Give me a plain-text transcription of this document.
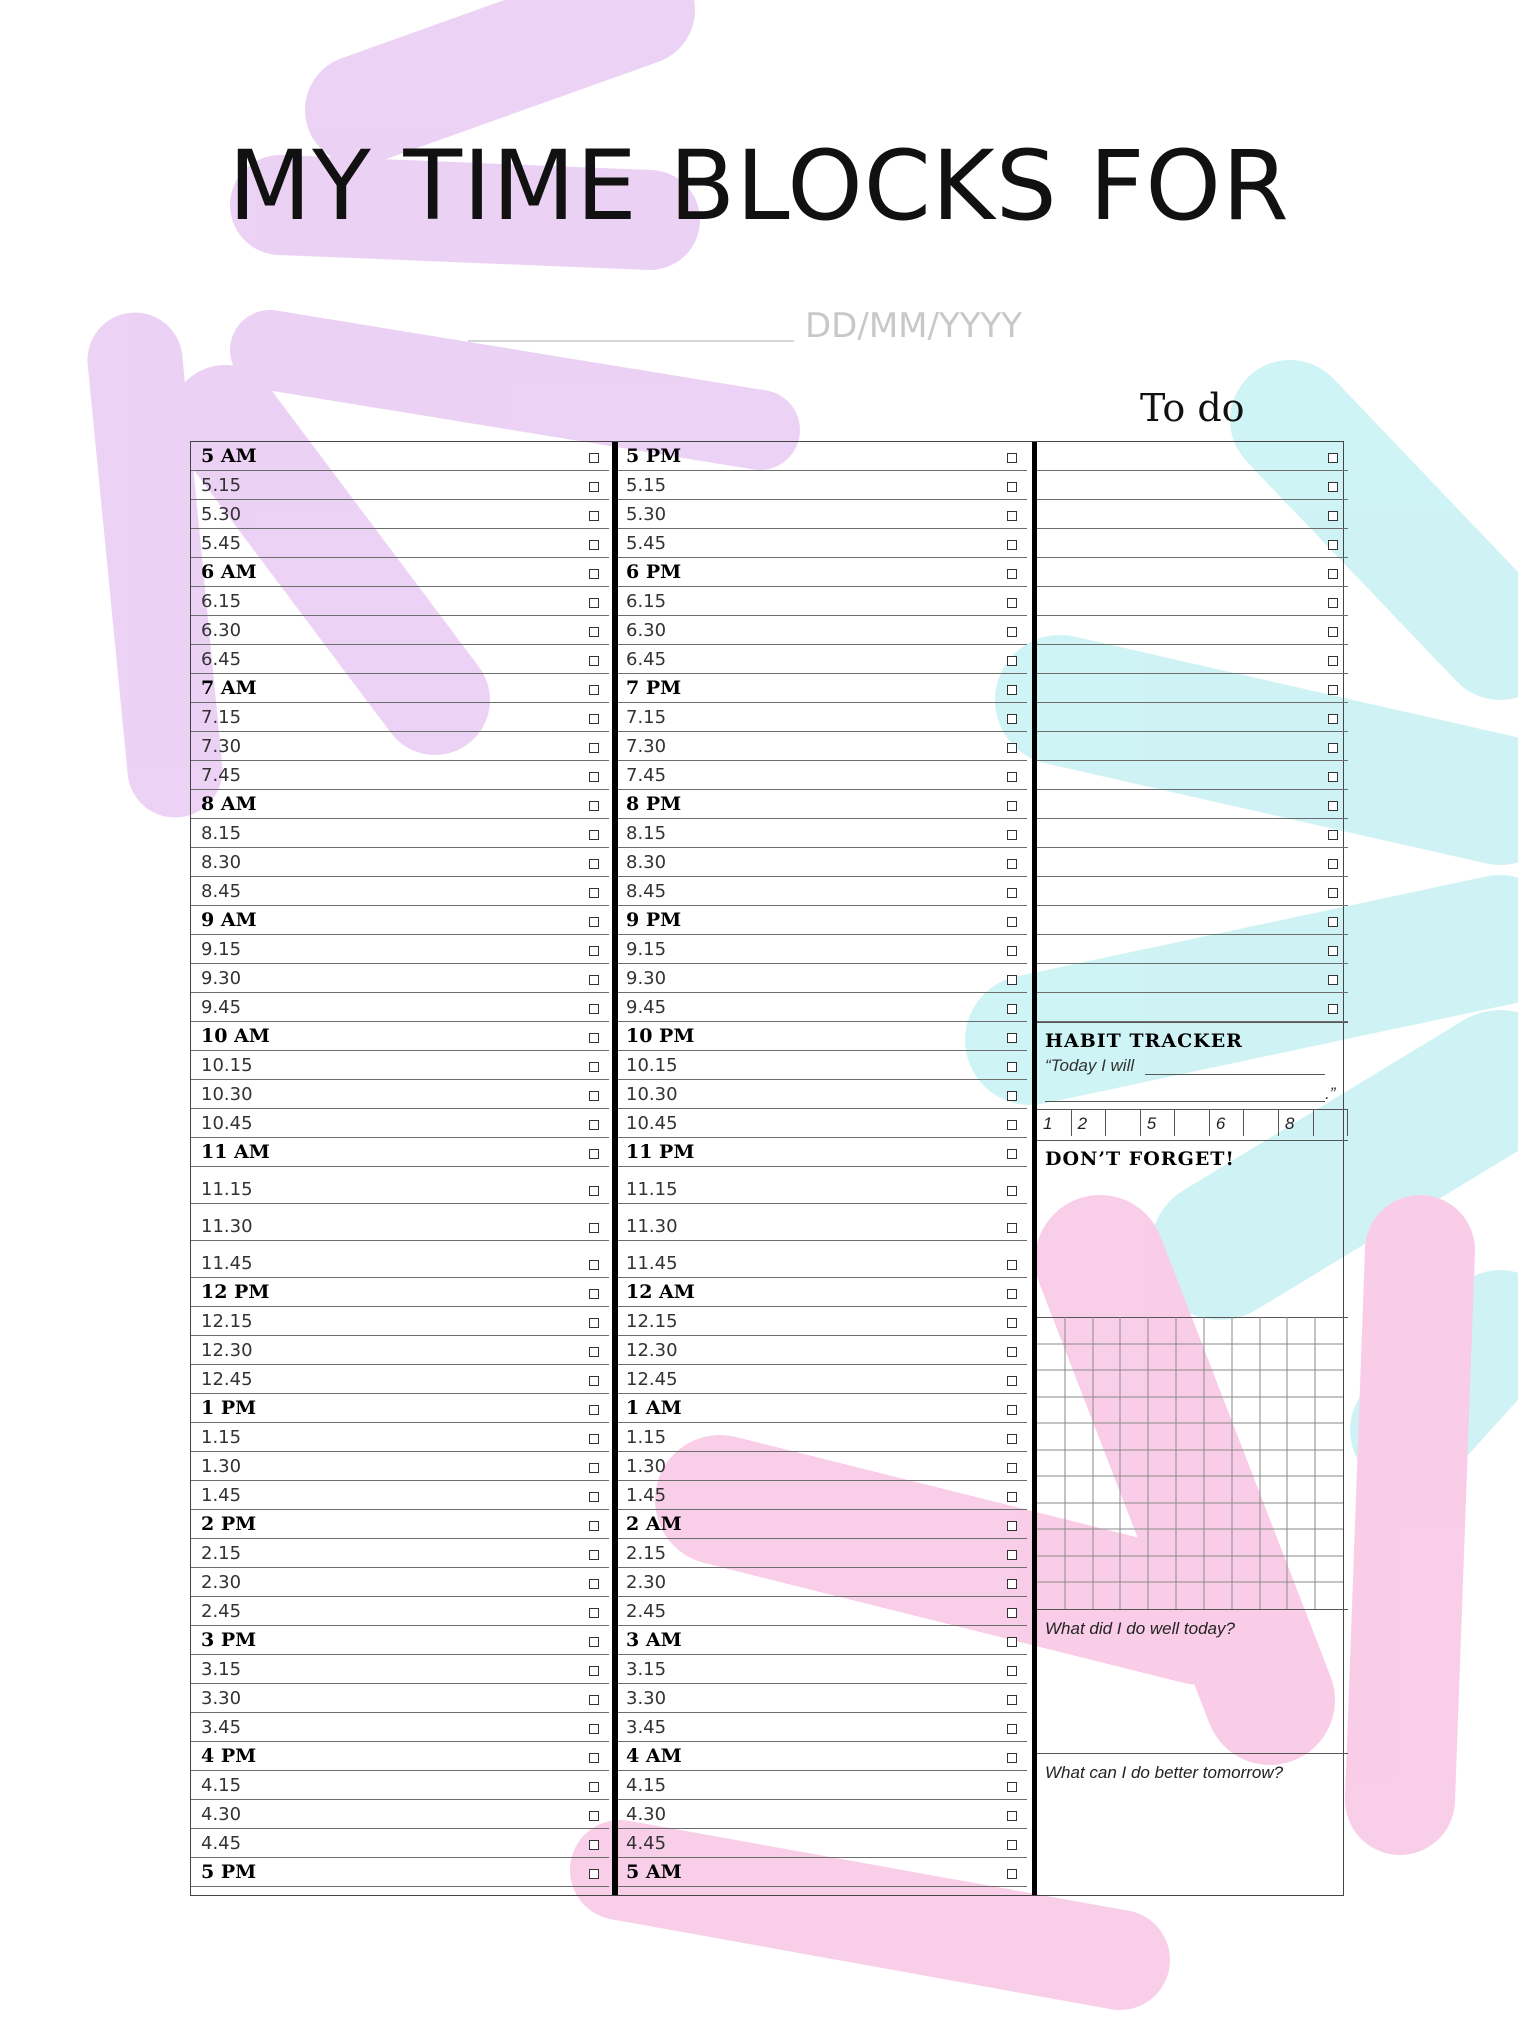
MY TIME BLOCKS FOR
DD/MM/YYYY
To do
5 AM
5.15
5.30
5.45
6 AM
6.15
6.30
6.45
7 AM
7.15
7.30
7.45
8 AM
8.15
8.30
8.45
9 AM
9.15
9.30
9.45
10 AM
10.15
10.30
10.45
11 AM
11.15
11.30
11.45
12 PM
12.15
12.30
12.45
1 PM
1.15
1.30
1.45
2 PM
2.15
2.30
2.45
3 PM
3.15
3.30
3.45
4 PM
4.15
4.30
4.45
5 PM
5 PM
5.15
5.30
5.45
6 PM
6.15
6.30
6.45
7 PM
7.15
7.30
7.45
8 PM
8.15
8.30
8.45
9 PM
9.15
9.30
9.45
10 PM
10.15
10.30
10.45
11 PM
11.15
11.30
11.45
12 AM
12.15
12.30
12.45
1 AM
1.15
1.30
1.45
2 AM
2.15
2.30
2.45
3 AM
3.15
3.30
3.45
4 AM
4.15
4.30
4.45
5 AM
HABIT TRACKER
“Today I will
.”
1	2	5	6	8
DON’T FORGET!
What did I do well today?
What can I do better tomorrow?
